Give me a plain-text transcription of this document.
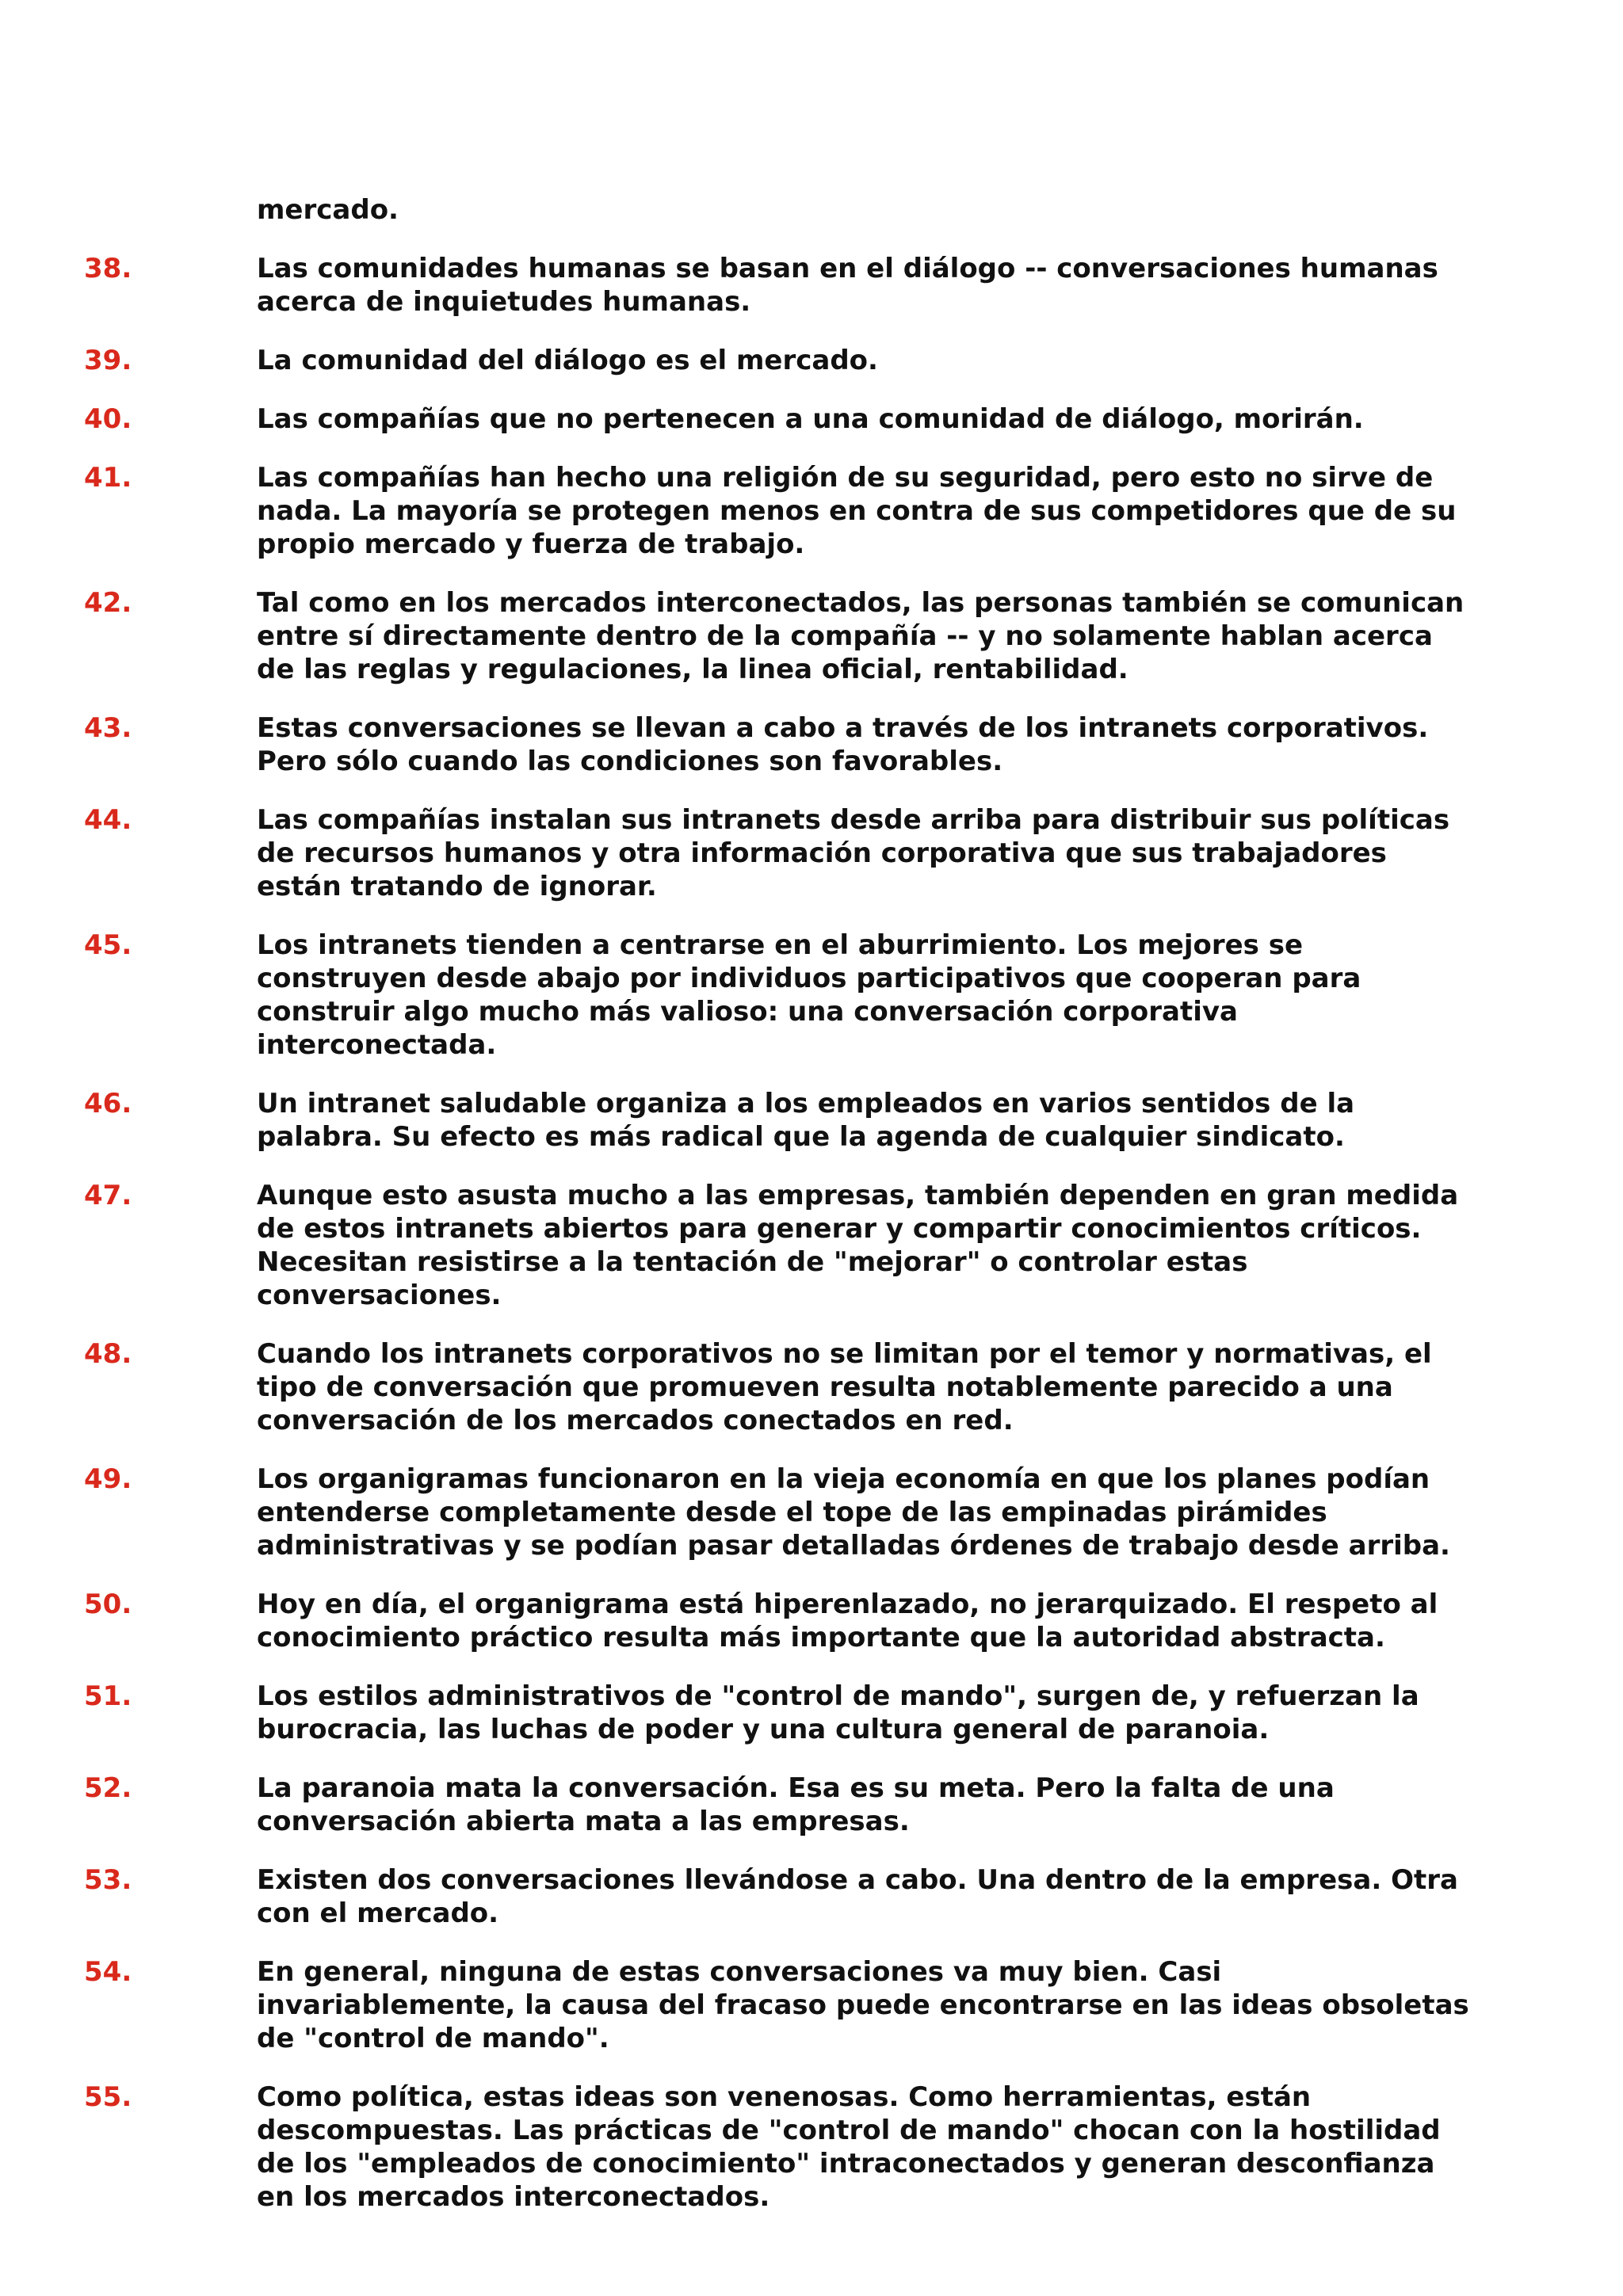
mercado.
38.	Las comunidades humanas se basan en el diálogo -- conversaciones humanas
acerca de inquietudes humanas.
39.	La comunidad del diálogo es el mercado.
40.	Las compañías que no pertenecen a una comunidad de diálogo, morirán.
41.	Las compañías han hecho una religión de su seguridad, pero esto no sirve de
nada. La mayoría se protegen menos en contra de sus competidores que de su
propio mercado y fuerza de trabajo.
42.	Tal como en los mercados interconectados, las personas también se comunican
entre sí directamente dentro de la compañía -- y no solamente hablan acerca
de las reglas y regulaciones, la linea oficial, rentabilidad.
43.	Estas conversaciones se llevan a cabo a través de los intranets corporativos.
Pero sólo cuando las condiciones son favorables.
44.	Las compañías instalan sus intranets desde arriba para distribuir sus políticas
de recursos humanos y otra información corporativa que sus trabajadores
están tratando de ignorar.
45.	Los intranets tienden a centrarse en el aburrimiento. Los mejores se
construyen desde abajo por individuos participativos que cooperan para
construir algo mucho más valioso: una conversación corporativa
interconectada.
46.	Un intranet saludable organiza a los empleados en varios sentidos de la
palabra. Su efecto es más radical que la agenda de cualquier sindicato.
47.	Aunque esto asusta mucho a las empresas, también dependen en gran medida
de estos intranets abiertos para generar y compartir conocimientos críticos.
Necesitan resistirse a la tentación de "mejorar" o controlar estas
conversaciones.
48.	Cuando los intranets corporativos no se limitan por el temor y normativas, el
tipo de conversación que promueven resulta notablemente parecido a una
conversación de los mercados conectados en red.
49.	Los organigramas funcionaron en la vieja economía en que los planes podían
entenderse completamente desde el tope de las empinadas pirámides
administrativas y se podían pasar detalladas órdenes de trabajo desde arriba.
50.	Hoy en día, el organigrama está hiperenlazado, no jerarquizado. El respeto al
conocimiento práctico resulta más importante que la autoridad abstracta.
51.	Los estilos administrativos de "control de mando", surgen de, y refuerzan la
burocracia, las luchas de poder y una cultura general de paranoia.
52.	La paranoia mata la conversación. Esa es su meta. Pero la falta de una
conversación abierta mata a las empresas.
53.	Existen dos conversaciones llevándose a cabo. Una dentro de la empresa. Otra
con el mercado.
54.	En general, ninguna de estas conversaciones va muy bien. Casi
invariablemente, la causa del fracaso puede encontrarse en las ideas obsoletas
de "control de mando".
55.	Como política, estas ideas son venenosas. Como herramientas, están
descompuestas. Las prácticas de "control de mando" chocan con la hostilidad
de los "empleados de conocimiento" intraconectados y generan desconfianza
en los mercados interconectados.
